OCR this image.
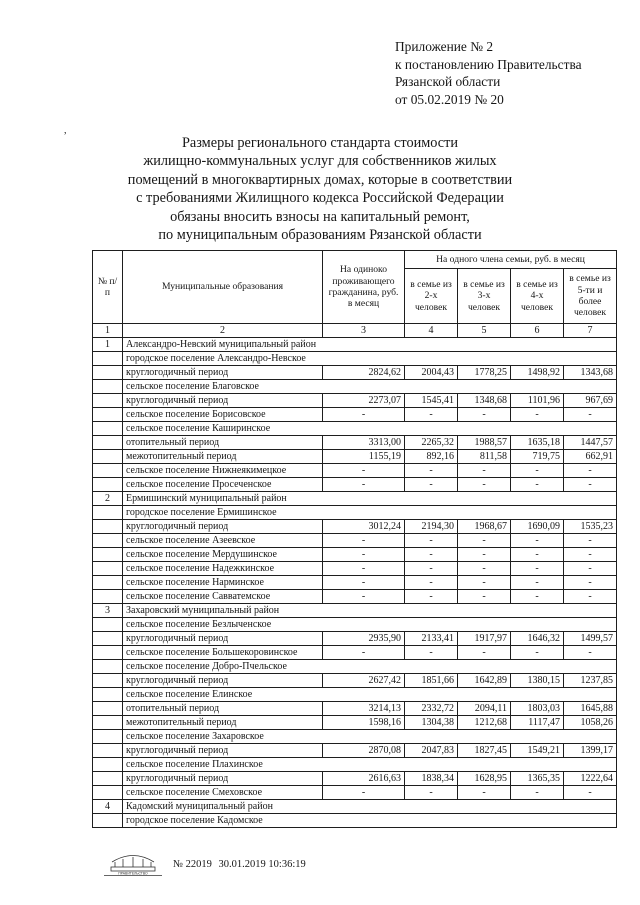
Приложение № 2
к постановлению Правительства
Рязанской области
от 05.02.2019 № 20
,
Размеры регионального стандарта стоимости
жилищно-коммунальных услуг для собственников жилых
помещений в многоквартирных домах, которые в соответствии
с требованиями Жилищного кодекса Российской Федерации
обязаны вносить взносы на капитальный ремонт,
по муниципальным образованиям Рязанской области
№ п/п	Муниципальные образования	На одиноко проживающего гражданина, руб. в месяц	На одного члена семьи, руб. в месяц			
			в семье из 2-х человек	в семье из 3-х человек	в семье из 4-х человек	в семье из 5-ти и более человек
1	2	3	4	5	6	7
1	Александро-Невский муниципальный район					
	городское поселение Александро-Невское					
	круглогодичный период	2824,62	2004,43	1778,25	1498,92	1343,68
	сельское поселение Благовское					
	круглогодичный период	2273,07	1545,41	1348,68	1101,96	967,69
	сельское поселение Борисовское	-	-	-	-	-
	сельское поселение Каширинское					
	отопительный период	3313,00	2265,32	1988,57	1635,18	1447,57
	межотопительный период	1155,19	892,16	811,58	719,75	662,91
	сельское поселение Нижнеякимецкое	-	-	-	-	-
	сельское поселение Просеченское	-	-	-	-	-
2	Ермишинский муниципальный район					
	городское поселение Ермишинское					
	круглогодичный период	3012,24	2194,30	1968,67	1690,09	1535,23
	сельское поселение Азеевское	-	-	-	-	-
	сельское поселение Мердушинское	-	-	-	-	-
	сельское поселение Надежкинское	-	-	-	-	-
	сельское поселение Нарминское	-	-	-	-	-
	сельское поселение Савватемское	-	-	-	-	-
3	Захаровский муниципальный район					
	сельское поселение Безлыченское					
	круглогодичный период	2935,90	2133,41	1917,97	1646,32	1499,57
	сельское поселение Большекоровинское	-	-	-	-	-
	сельское поселение Добро-Пчельское					
	круглогодичный период	2627,42	1851,66	1642,89	1380,15	1237,85
	сельское поселение Елинское					
	отопительный период	3214,13	2332,72	2094,11	1803,03	1645,88
	межотопительный период	1598,16	1304,38	1212,68	1117,47	1058,26
	сельское поселение Захаровское					
	круглогодичный период	2870,08	2047,83	1827,45	1549,21	1399,17
	сельское поселение Плахинское					
	круглогодичный период	2616,63	1838,34	1628,95	1365,35	1222,64
	сельское поселение Смеховское	-	-	-	-	-
4	Кадомский муниципальный район					
	городское поселение Кадомское					
ПРАВИТЕЛЬСТВО
№ 22019 30.01.2019 10:36:19
